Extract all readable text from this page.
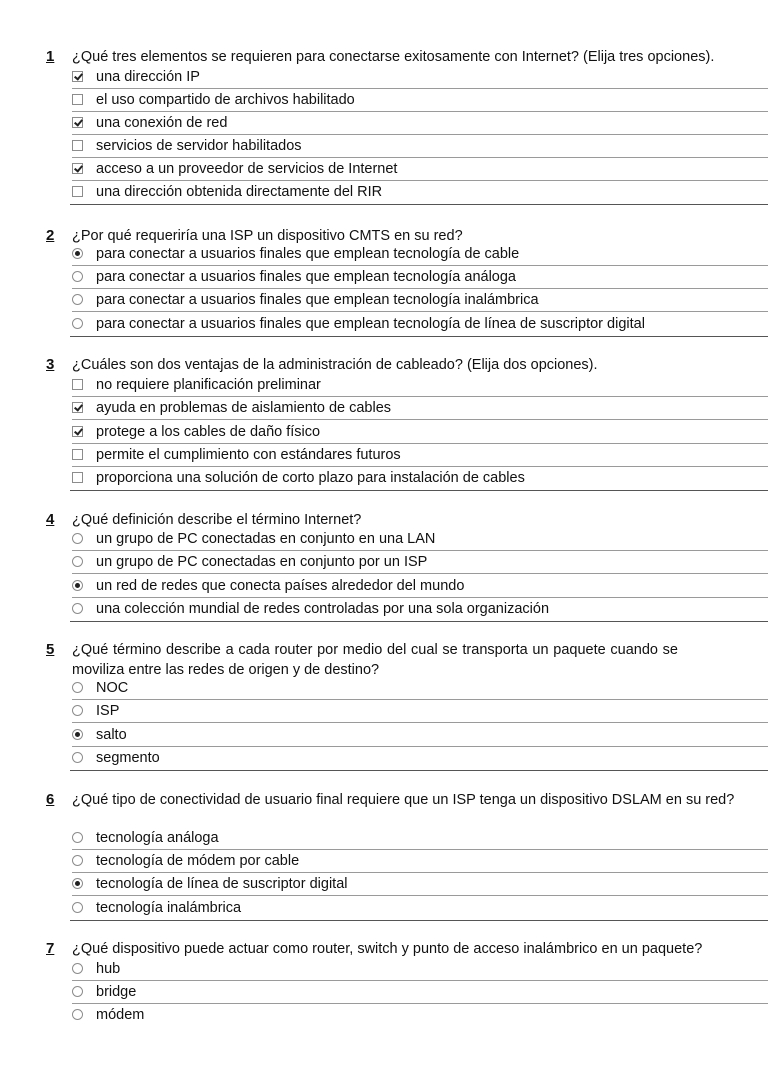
1 ¿Qué tres elementos se requieren para conectarse exitosamente con Internet? (Elija tres opciones).
una dirección IP
el uso compartido de archivos habilitado
una conexión de red
servicios de servidor habilitados
acceso a un proveedor de servicios de Internet
una dirección obtenida directamente del RIR
2 ¿Por qué requeriría una ISP un dispositivo CMTS en su red?
para conectar a usuarios finales que emplean tecnología de cable
para conectar a usuarios finales que emplean tecnología análoga
para conectar a usuarios finales que emplean tecnología inalámbrica
para conectar a usuarios finales que emplean tecnología de línea de suscriptor digital
3 ¿Cuáles son dos ventajas de la administración de cableado? (Elija dos opciones).
no requiere planificación preliminar
ayuda en problemas de aislamiento de cables
protege a los cables de daño físico
permite el cumplimiento con estándares futuros
proporciona una solución de corto plazo para instalación de cables
4 ¿Qué definición describe el término Internet?
un grupo de PC conectadas en conjunto en una LAN
un grupo de PC conectadas en conjunto por un ISP
un red de redes que conecta países alrededor del mundo
una colección mundial de redes controladas por una sola organización
5 ¿Qué término describe a cada router por medio del cual se transporta un paquete cuando se moviliza entre las redes de origen y de destino?
NOC
ISP
salto
segmento
6 ¿Qué tipo de conectividad de usuario final requiere que un ISP tenga un dispositivo DSLAM en su red?
tecnología análoga
tecnología de módem por cable
tecnología de línea de suscriptor digital
tecnología inalámbrica
7 ¿Qué dispositivo puede actuar como router, switch y punto de acceso inalámbrico en un paquete?
hub
bridge
módem
